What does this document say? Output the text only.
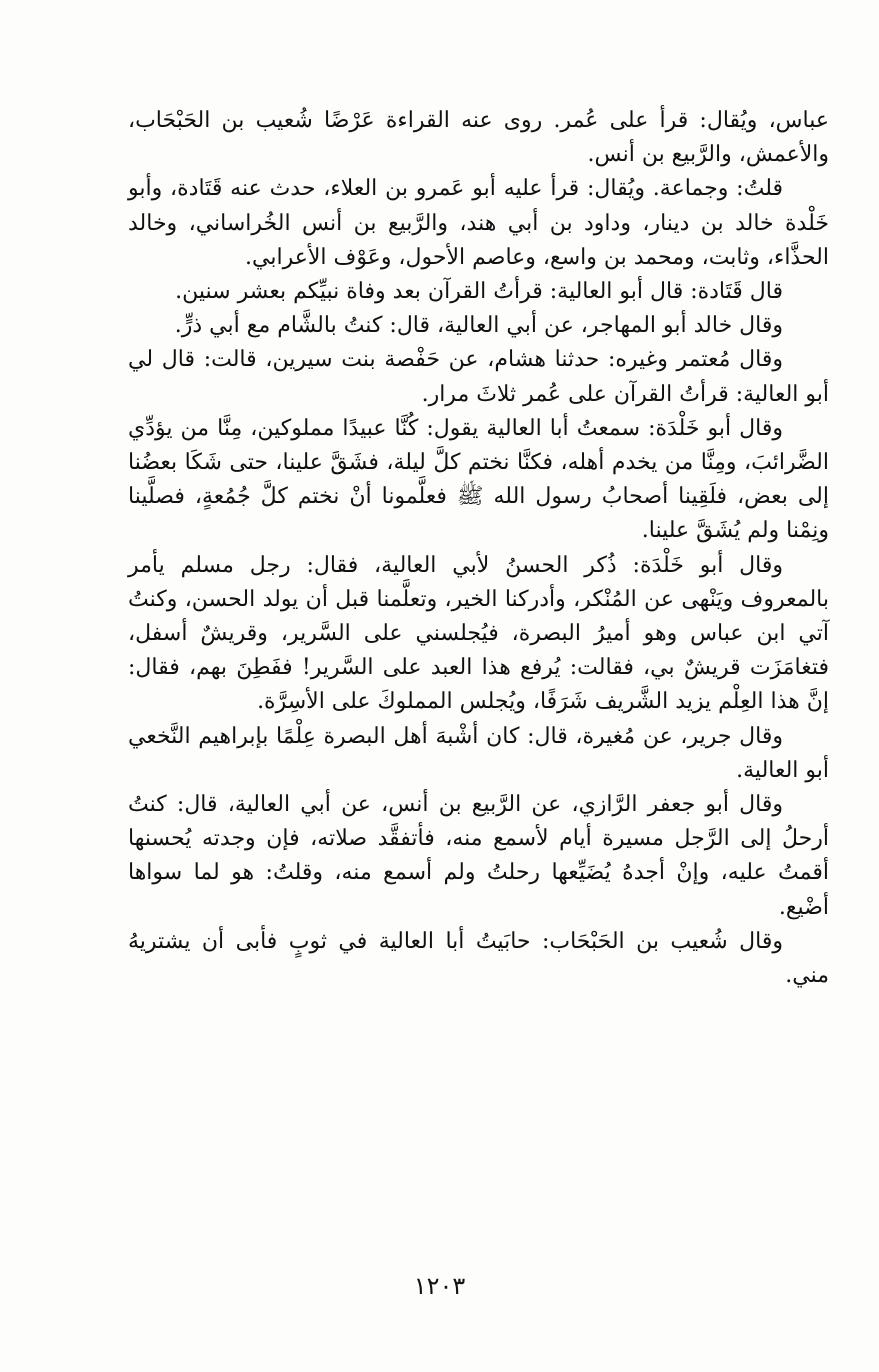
عباس، ويُقال: قرأ على عُمر. روى عنه القراءة عَرْضًا شُعيب بن الحَبْحَاب، والأعمش، والرَّبيع بن أنس.

قلتُ: وجماعة. ويُقال: قرأ عليه أبو عَمرو بن العلاء، حدث عنه قَتَادة، وأبو خَلْدة خالد بن دينار، وداود بن أبي هند، والرَّبيع بن أنس الخُراساني، وخالد الحذَّاء، وثابت، ومحمد بن واسع، وعاصم الأحول، وعَوْف الأعرابي.

قال قَتَادة: قال أبو العالية: قرأتُ القرآن بعد وفاة نبيِّكم بعشر سنين.

وقال خالد أبو المهاجر، عن أبي العالية، قال: كنتُ بالشَّام مع أبي ذرٍّ.

وقال مُعتمر وغيره: حدثنا هشام، عن حَفْصة بنت سيرين، قالت: قال لي أبو العالية: قرأتُ القرآن على عُمر ثلاثَ مرار.

وقال أبو خَلْدَة: سمعتُ أبا العالية يقول: كُنَّا عبيدًا مملوكين، مِنَّا من يؤدِّي الضَّرائبَ، ومِنَّا من يخدم أهله، فكنَّا نختم كلَّ ليلة، فشَقَّ علينا، حتى شَكَا بعضُنا إلى بعض، فلَقِينا أصحابُ رسول الله ﷺ فعلَّمونا أنْ نختم كلَّ جُمُعةٍ، فصلَّينا ونِمْنا ولم يُشَقَّ علينا.

وقال أبو خَلْدَة: ذُكر الحسنُ لأبي العالية، فقال: رجل مسلم يأمر بالمعروف ويَنْهى عن المُنْكر، وأدركنا الخير، وتعلَّمنا قبل أن يولد الحسن، وكنتُ آتي ابن عباس وهو أميرُ البصرة، فيُجلسني على السَّرير، وقريشٌ أسفل، فتغامَزَت قريشٌ بي، فقالت: يُرفع هذا العبد على السَّرير! ففَطِنَ بهم، فقال: إنَّ هذا العِلْم يزيد الشَّريف شَرَفًا، ويُجلس المملوكَ على الأسِرَّة.

وقال جرير، عن مُغيرة، قال: كان أشْبهَ أهل البصرة عِلْمًا بإبراهيم النَّخعي أبو العالية.

وقال أبو جعفر الرَّازي، عن الرَّبيع بن أنس، عن أبي العالية، قال: كنتُ أرحلُ إلى الرَّجل مسيرة أيام لأسمع منه، فأتفقَّد صلاته، فإن وجدته يُحسنها أقمتُ عليه، وإنْ أجدهُ يُضَيِّعها رحلتُ ولم أسمع منه، وقلتُ: هو لما سواها أضْيع.

وقال شُعيب بن الحَبْحَاب: حابَيتُ أبا العالية في ثوبٍ فأبى أن يشتريهُ مني.

١٢٠٣
